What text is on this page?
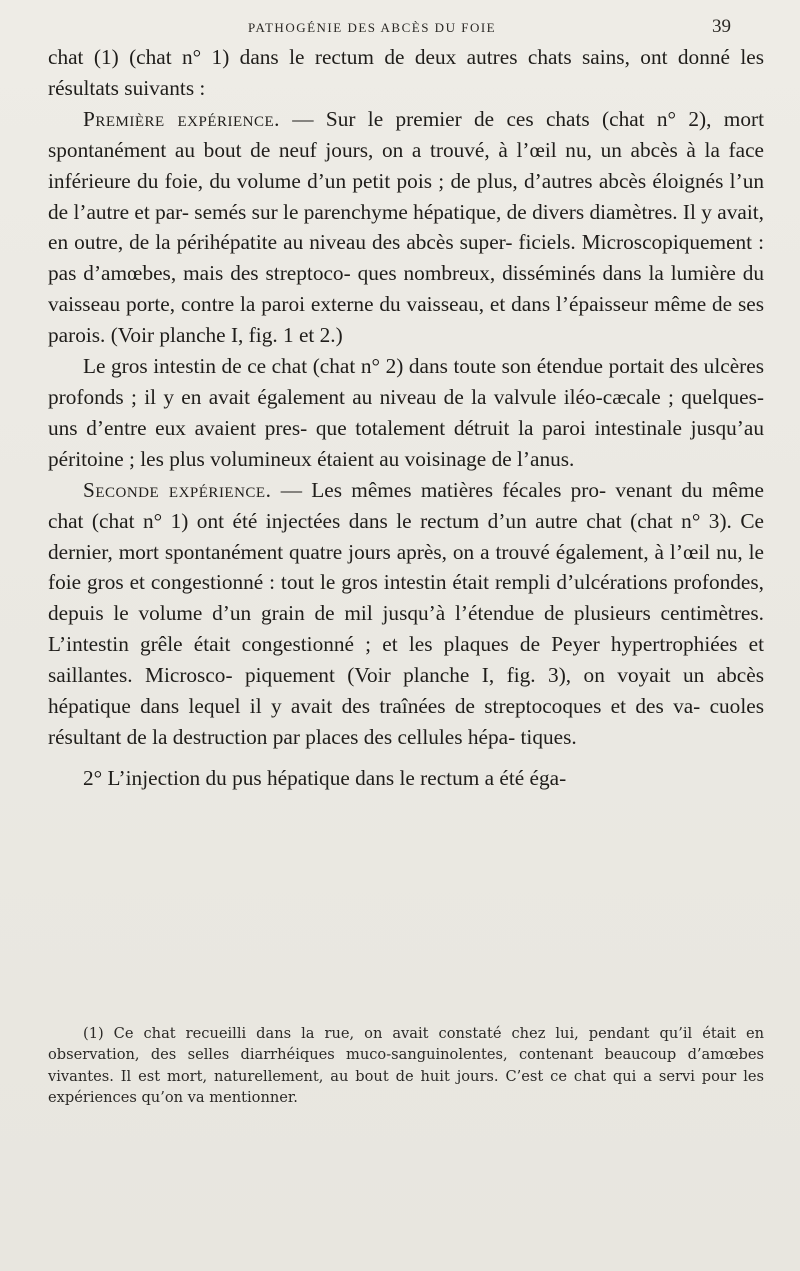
PATHOGÉNIE DES ABCÈS DU FOIE	39

chat (1) (chat n° 1) dans le rectum de deux autres chats sains, ont donné les résultats suivants :

Première expérience. — Sur le premier de ces chats (chat n° 2), mort spontanément au bout de neuf jours, on a trouvé, à l’œil nu, un abcès à la face inférieure du foie, du volume d’un petit pois ; de plus, d’autres abcès éloignés l’un de l’autre et par- semés sur le parenchyme hépatique, de divers diamètres. Il y avait, en outre, de la périhépatite au niveau des abcès super- ficiels. Microscopiquement : pas d’amœbes, mais des streptoco- ques nombreux, disséminés dans la lumière du vaisseau porte, contre la paroi externe du vaisseau, et dans l’épaisseur même de ses parois. (Voir planche I, fig. 1 et 2.)

Le gros intestin de ce chat (chat n° 2) dans toute son étendue portait des ulcères profonds ; il y en avait également au niveau de la valvule iléo-cæcale ; quelques-uns d’entre eux avaient pres- que totalement détruit la paroi intestinale jusqu’au péritoine ; les plus volumineux étaient au voisinage de l’anus.

Seconde expérience. — Les mêmes matières fécales pro- venant du même chat (chat n° 1) ont été injectées dans le rectum d’un autre chat (chat n° 3). Ce dernier, mort spontanément quatre jours après, on a trouvé également, à l’œil nu, le foie gros et congestionné : tout le gros intestin était rempli d’ulcérations profondes, depuis le volume d’un grain de mil jusqu’à l’étendue de plusieurs centimètres. L’intestin grêle était congestionné ; et les plaques de Peyer hypertrophiées et saillantes. Microsco- piquement (Voir planche I, fig. 3), on voyait un abcès hépatique dans lequel il y avait des traînées de streptocoques et des va- cuoles résultant de la destruction par places des cellules hépa- tiques.

2° L’injection du pus hépatique dans le rectum a été éga-

(1) Ce chat recueilli dans la rue, on avait constaté chez lui, pendant qu’il était en observation, des selles diarrhéiques muco-sanguinolentes, contenant beaucoup d’amœbes vivantes. Il est mort, naturellement, au bout de huit jours. C’est ce chat qui a servi pour les expériences qu’on va mentionner.
